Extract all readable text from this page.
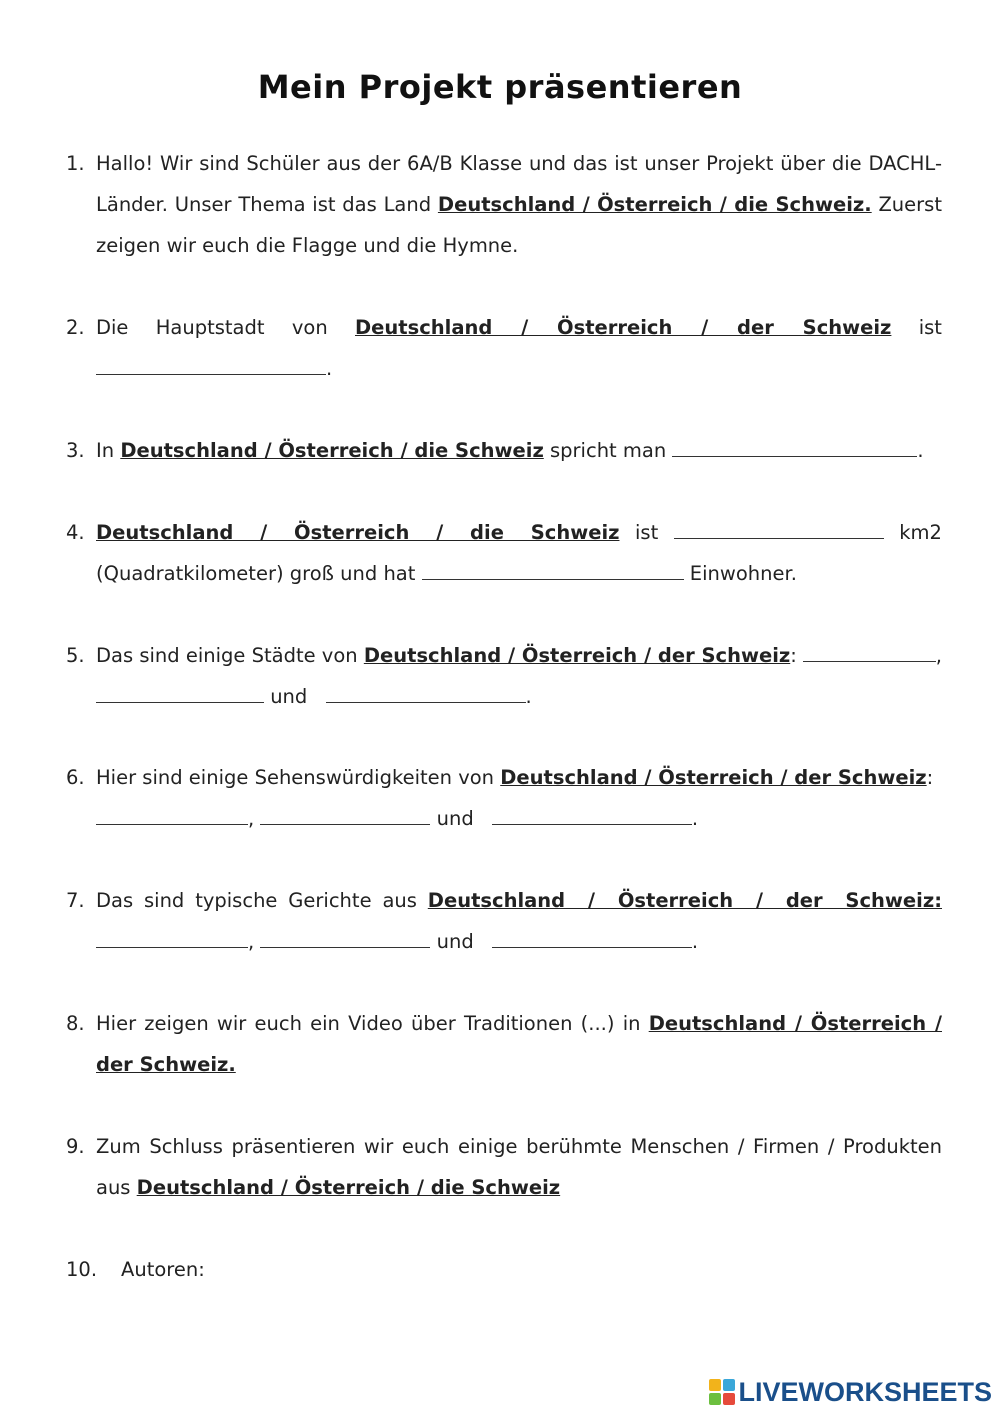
Mein Projekt präsentieren
1. Hallo! Wir sind Schüler aus der 6A/B Klasse und das ist unser Projekt über die DACHL-Länder. Unser Thema ist das Land Deutschland / Österreich / die Schweiz. Zuerst zeigen wir euch die Flagge und die Hymne.
2. Die Hauptstadt von Deutschland / Österreich / der Schweiz ist
.
3. In Deutschland / Österreich / die Schweiz spricht man	.
4. Deutschland / Österreich / die Schweiz ist	km2
(Quadratkilometer) groß und hat	Einwohner.
5. Das sind einige Städte von Deutschland / Österreich / der Schweiz :	,
und	.
6. Hier sind einige Sehenswürdigkeiten von Deutschland / Österreich / der Schweiz:
,	und	.
7. Das sind typische Gerichte aus Deutschland / Österreich / der Schweiz:
,	und	.
8. Hier zeigen wir euch ein Video über Traditionen (...) in Deutschland / Österreich / der Schweiz.
9. Zum Schluss präsentieren wir euch einige berühmte Menschen / Firmen / Produkten aus Deutschland / Österreich / die Schweiz
10. Autoren:
LIVEWORKSHEETS
